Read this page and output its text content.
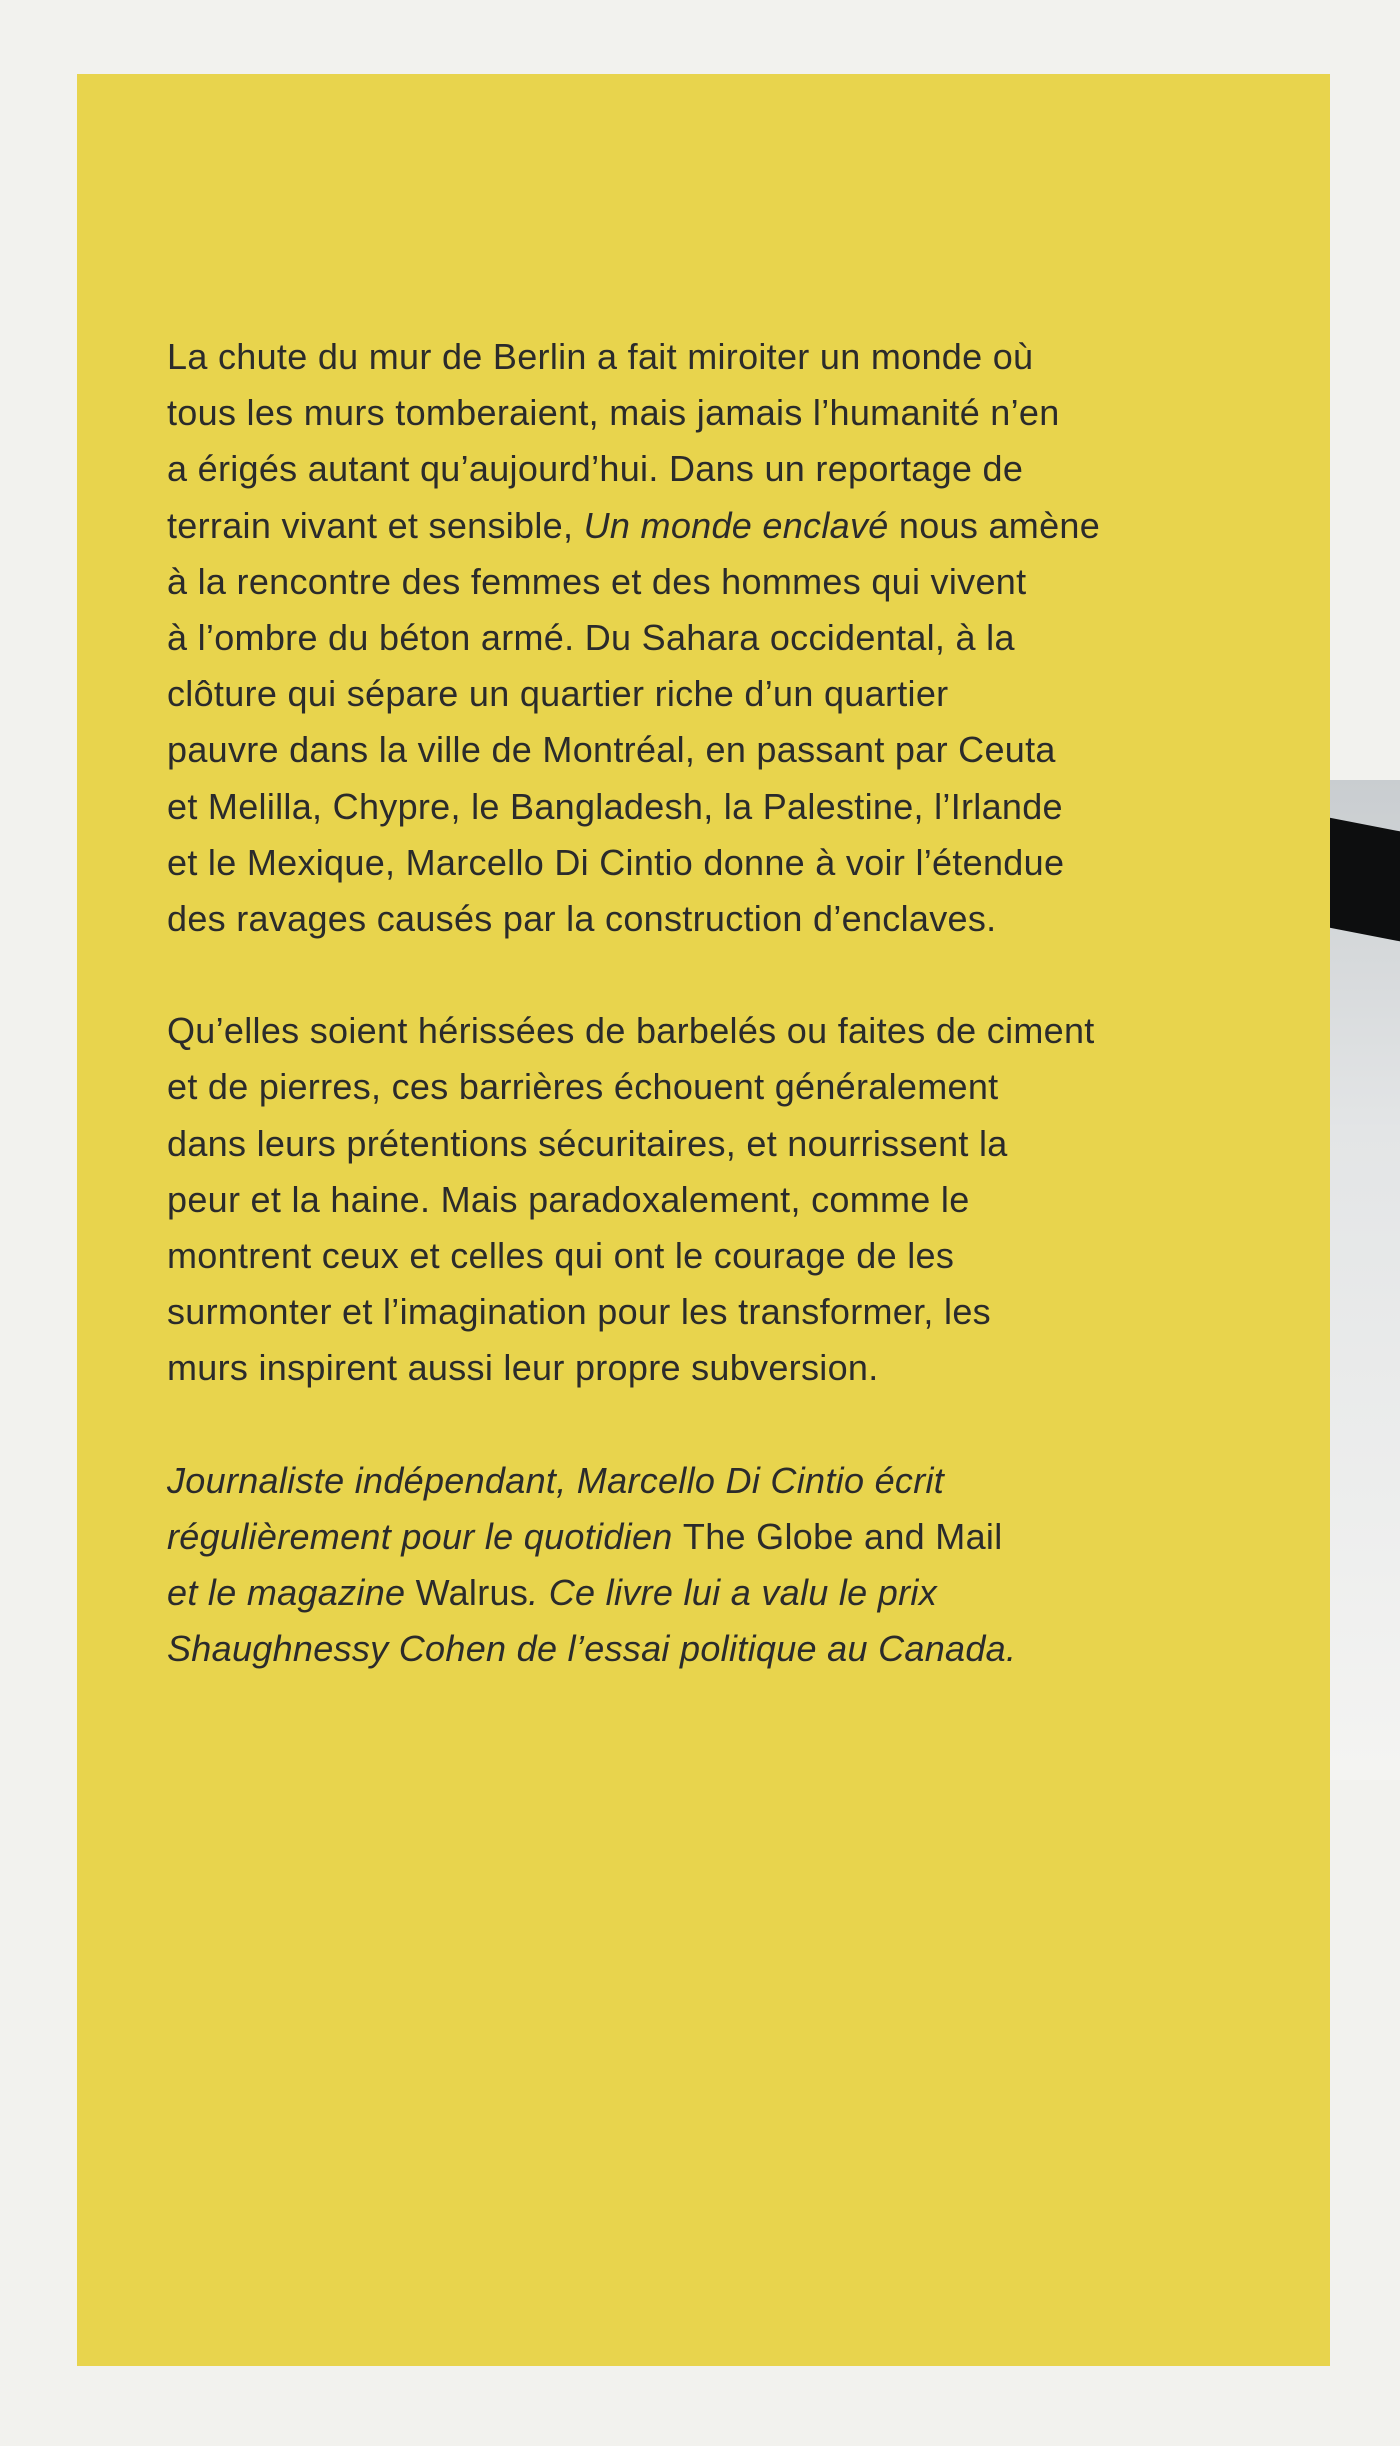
La chute du mur de Berlin a fait miroiter un monde où
tous les murs tomberaient, mais jamais l’humanité n’en
a érigés autant qu’aujourd’hui. Dans un reportage de
terrain vivant et sensible, Un monde enclavé nous amène
à la rencontre des femmes et des hommes qui vivent
à l’ombre du béton armé. Du Sahara occidental, à la
clôture qui sépare un quartier riche d’un quartier
pauvre dans la ville de Montréal, en passant par Ceuta
et Melilla, Chypre, le Bangladesh, la Palestine, l’Irlande
et le Mexique, Marcello Di Cintio donne à voir l’étendue
des ravages causés par la construction d’enclaves.

Qu’elles soient hérissées de barbelés ou faites de ciment
et de pierres, ces barrières échouent généralement
dans leurs prétentions sécuritaires, et nourrissent la
peur et la haine. Mais paradoxalement, comme le
montrent ceux et celles qui ont le courage de les
surmonter et l’imagination pour les transformer, les
murs inspirent aussi leur propre subversion.

Journaliste indépendant, Marcello Di Cintio écrit
régulièrement pour le quotidien The Globe and Mail
et le magazine Walrus. Ce livre lui a valu le prix
Shaughnessy Cohen de l’essai politique au Canada.
